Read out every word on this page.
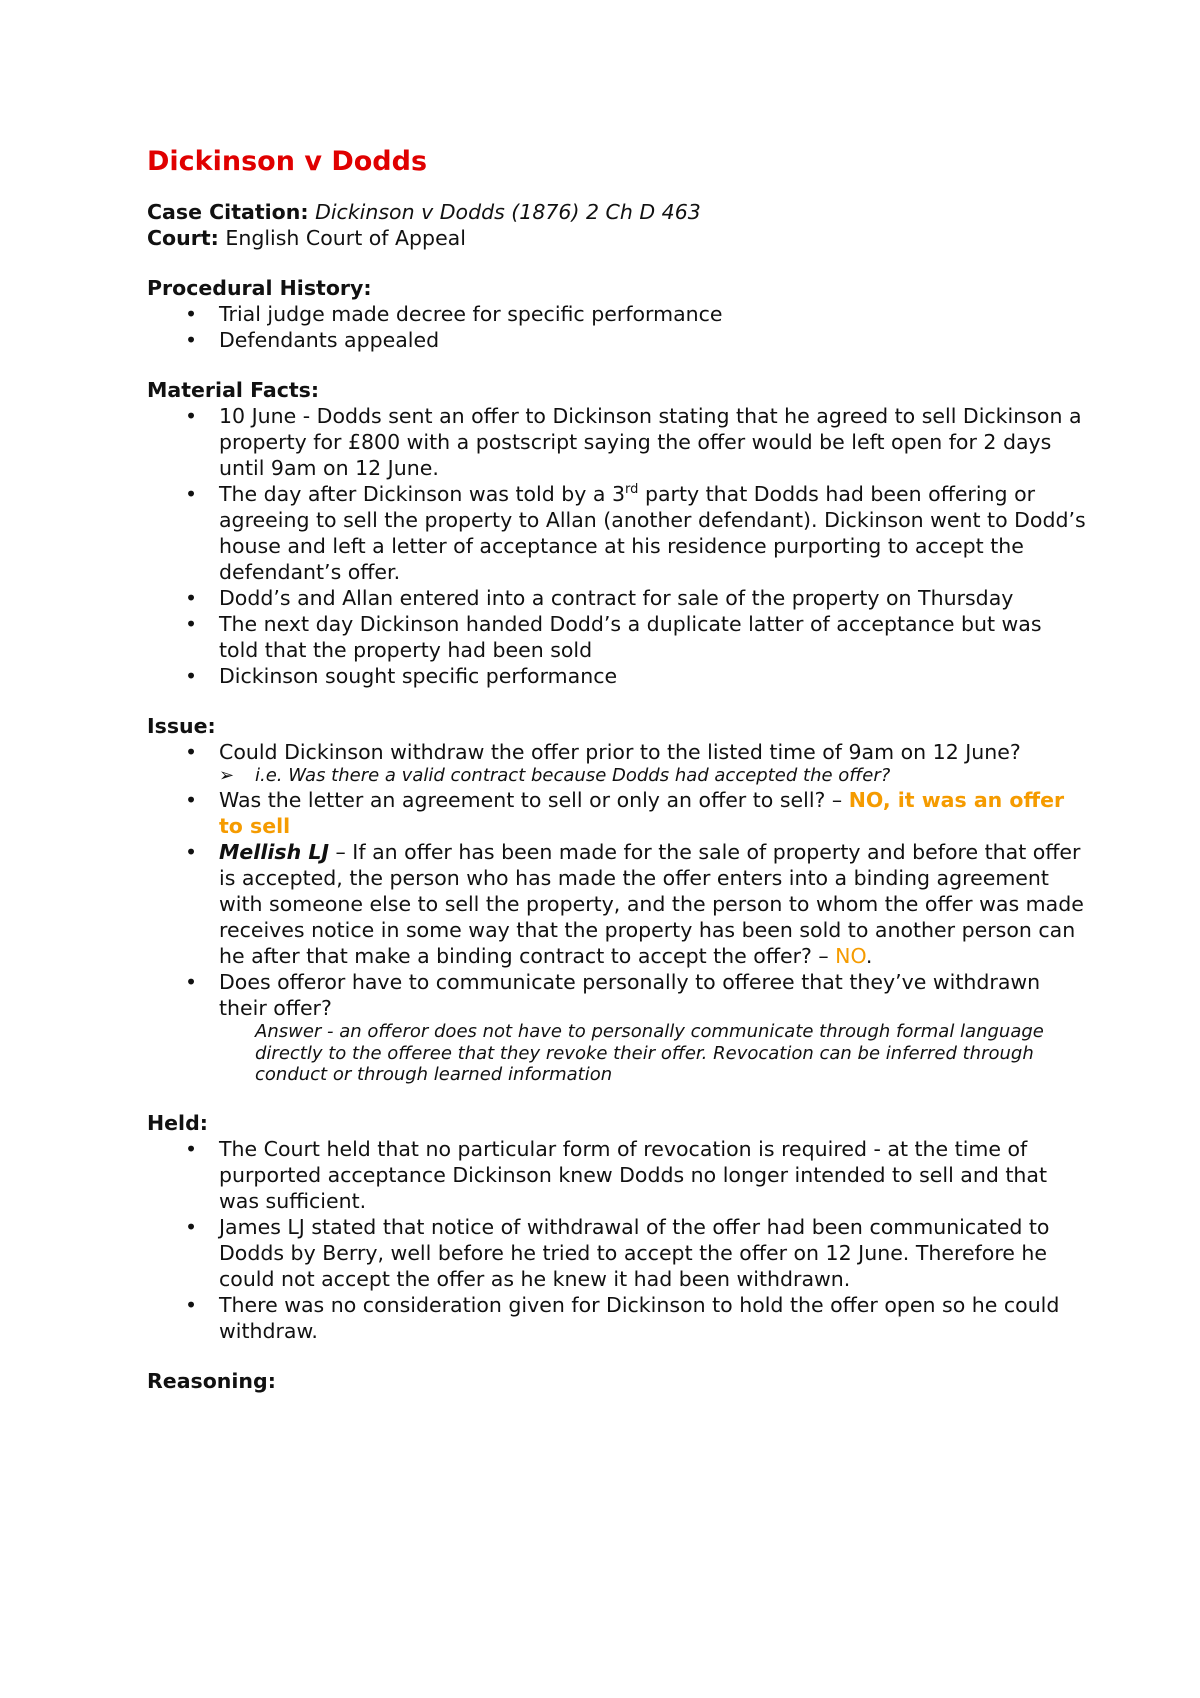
Dickinson v Dodds

Case Citation: Dickinson v Dodds (1876) 2 Ch D 463

Court: English Court of Appeal

Procedural History:
• Trial judge made decree for specific performance
• Defendants appealed
Material Facts:
• 10 June - Dodds sent an offer to Dickinson stating that he agreed to sell Dickinson a property for £800 with a postscript saying the offer would be left open for 2 days until 9am on 12 June.
• The day after Dickinson was told by a 3rd party that Dodds had been offering or agreeing to sell the property to Allan (another defendant). Dickinson went to Dodd’s house and left a letter of acceptance at his residence purporting to accept the defendant’s offer.
• Dodd’s and Allan entered into a contract for sale of the property on Thursday
• The next day Dickinson handed Dodd’s a duplicate latter of acceptance but was told that the property had been sold
• Dickinson sought specific performance
Issue:
• Could Dickinson withdraw the offer prior to the listed time of 9am on 12 June?
➢ i.e. Was there a valid contract because Dodds had accepted the offer?
• Was the letter an agreement to sell or only an offer to sell? – NO, it was an offer to sell
• Mellish LJ – If an offer has been made for the sale of property and before that offer is accepted, the person who has made the offer enters into a binding agreement with someone else to sell the property, and the person to whom the offer was made receives notice in some way that the property has been sold to another person can he after that make a binding contract to accept the offer? – NO.
• Does offeror have to communicate personally to offeree that they’ve withdrawn their offer?
Answer - an offeror does not have to personally communicate through formal language directly to the offeree that they revoke their offer. Revocation can be inferred through conduct or through learned information
Held:
• The Court held that no particular form of revocation is required - at the time of purported acceptance Dickinson knew Dodds no longer intended to sell and that was sufficient.
• James LJ stated that notice of withdrawal of the offer had been communicated to Dodds by Berry, well before he tried to accept the offer on 12 June. Therefore he could not accept the offer as he knew it had been withdrawn.
• There was no consideration given for Dickinson to hold the offer open so he could withdraw.
Reasoning:
